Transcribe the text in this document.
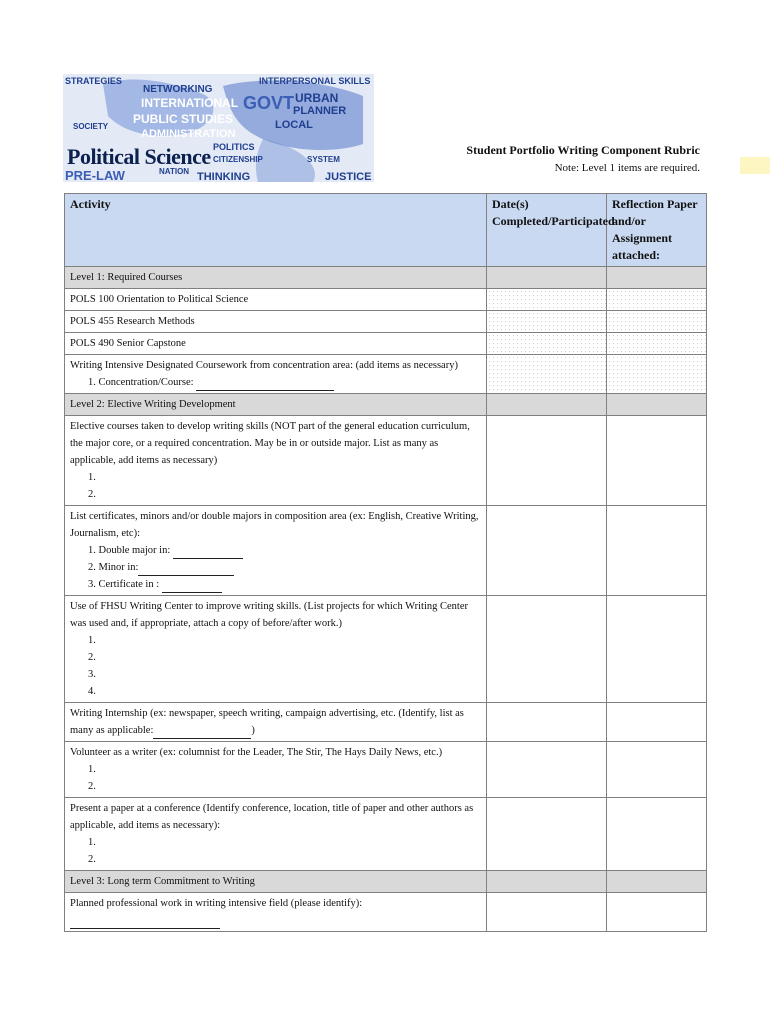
STRATEGIES
NETWORKING
INTERPERSONAL SKILLS
URBAN
INTERNATIONAL
PLANNER
PUBLIC STUDIES	LOCAL
ADMINISTRATION
SOCIETY
GOVT
PRE-LAW	NATION THINKING	JUSTICE
SYSTEM
POLITICS
CITIZENSHIP
Political Science	Student Portfolio Writing Component Rubric
Note: Level 1 items are required.
Activity	Date(s) Completed/Participated	Reflection Paper and/or Assignment attached:
Level 1: Required Courses		
POLS 100 Orientation to Political Science		
POLS 455 Research Methods		
POLS 490 Senior Capstone		
Writing Intensive Designated Coursework from concentration area: (add items as necessary)
1. Concentration/Course:		

Level 2: Elective Writing Development		
Elective courses taken to develop writing skills (NOT part of the general education curriculum, the major core, or a required concentration. May be in or outside major. List as many as applicable, add items as necessary)
1.
2.		

List certificates, minors and/or double majors in composition area (ex: English, Creative Writing, Journalism, etc):
1. Double major in:
2. Minor in:
3. Certificate in :		

Use of FHSU Writing Center to improve writing skills. (List projects for which Writing Center was used and, if appropriate, attach a copy of before/after work.)
1.
2.
3.
4.		

Writing Internship (ex: newspaper, speech writing, campaign advertising, etc. (Identify, list as many as applicable: )		
Volunteer as a writer (ex: columnist for the Leader, The Stir, The Hays Daily News, etc.)
1.
2.		

Present a paper at a conference (Identify conference, location, title of paper and other authors as applicable, add items as necessary):
1.
2.		

Level 3: Long term Commitment to Writing		
Planned professional work in writing intensive field (please identify):		
